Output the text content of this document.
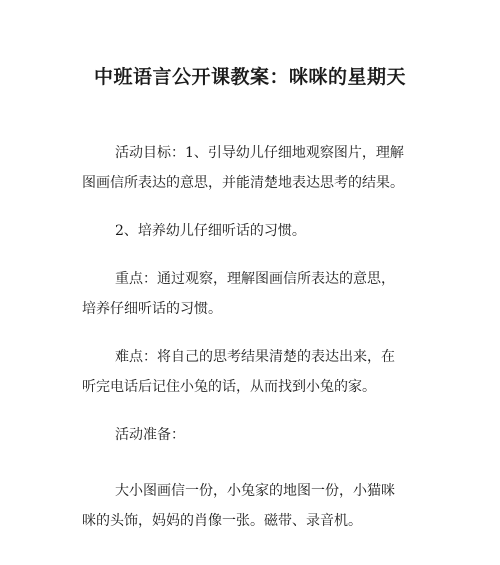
中班语言公开课教案：咪咪的星期天

活动目标：1、引导幼儿仔细地观察图片，理解
图画信所表达的意思，并能清楚地表达思考的结果。

2、培养幼儿仔细听话的习惯。

重点：通过观察，理解图画信所表达的意思，
培养仔细听话的习惯。

难点：将自己的思考结果清楚的表达出来，在
听完电话后记住小兔的话，从而找到小兔的家。

活动准备：

大小图画信一份，小兔家的地图一份，小猫咪
咪的头饰，妈妈的肖像一张。磁带、录音机。
